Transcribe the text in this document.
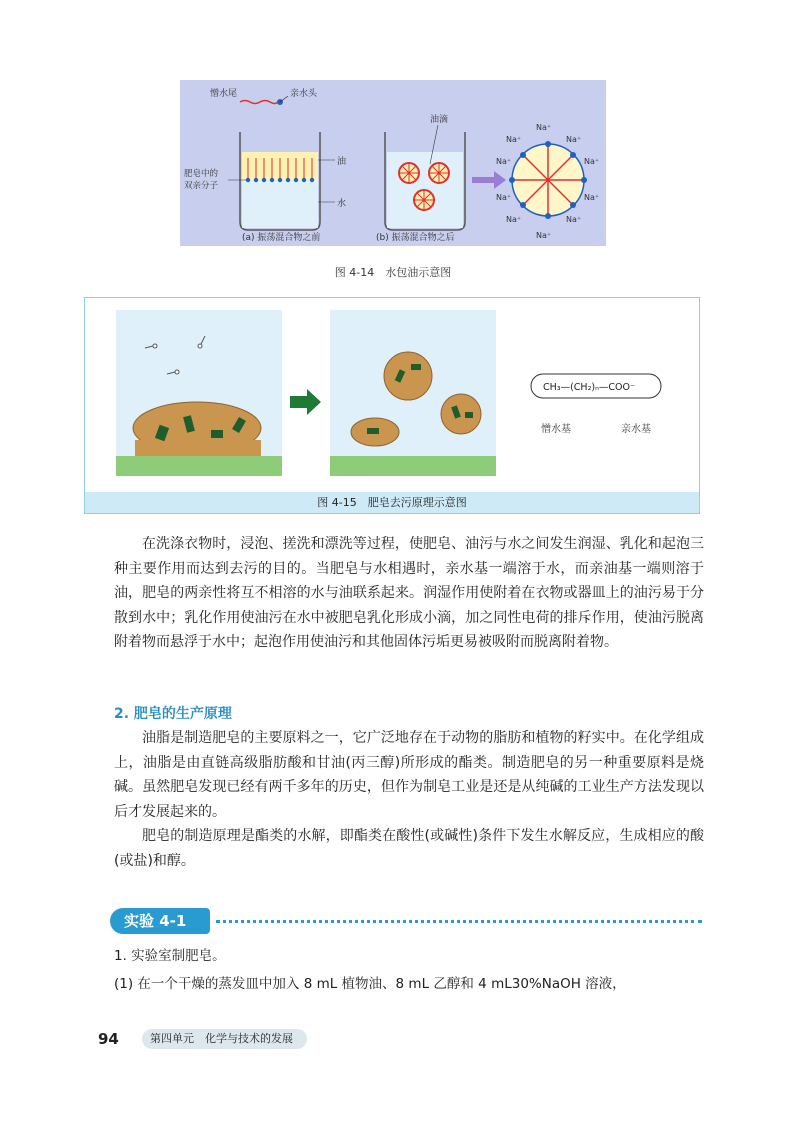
憎水尾	亲水头
肥皂中的
双亲分子
油
水
油滴
Na⁺
Na⁺	Na⁺
Na⁺	Na⁺
Na⁺	Na⁺
Na⁺	Na⁺
Na⁺
(a) 振荡混合物之前	(b) 振荡混合物之后
图 4-14　水包油示意图
CH₃—(CH₂)ₙ—COO⁻
憎水基	亲水基
图 4-15　肥皂去污原理示意图

在洗涤衣物时，浸泡、搓洗和漂洗等过程，使肥皂、油污与水之间发生润湿、乳化和起泡三种主要作用而达到去污的目的。当肥皂与水相遇时，亲水基一端溶于水，而亲油基一端则溶于油，肥皂的两亲性将互不相溶的水与油联系起来。润湿作用使附着在衣物或器皿上的油污易于分散到水中；乳化作用使油污在水中被肥皂乳化形成小滴，加之同性电荷的排斥作用，使油污脱离附着物而悬浮于水中；起泡作用使油污和其他固体污垢更易被吸附而脱离附着物。

2. 肥皂的生产原理

油脂是制造肥皂的主要原料之一，它广泛地存在于动物的脂肪和植物的籽实中。在化学组成上，油脂是由直链高级脂肪酸和甘油(丙三醇)所形成的酯类。制造肥皂的另一种重要原料是烧碱。虽然肥皂发现已经有两千多年的历史，但作为制皂工业是还是从纯碱的工业生产方法发现以后才发展起来的。

肥皂的制造原理是酯类的水解，即酯类在酸性(或碱性)条件下发生水解反应，生成相应的酸(或盐)和醇。

实验 4-1
1. 实验室制肥皂。
(1) 在一个干燥的蒸发皿中加入 8 mL 植物油、8 mL 乙醇和 4 mL30%NaOH 溶液，
94	第四单元　化学与技术的发展
